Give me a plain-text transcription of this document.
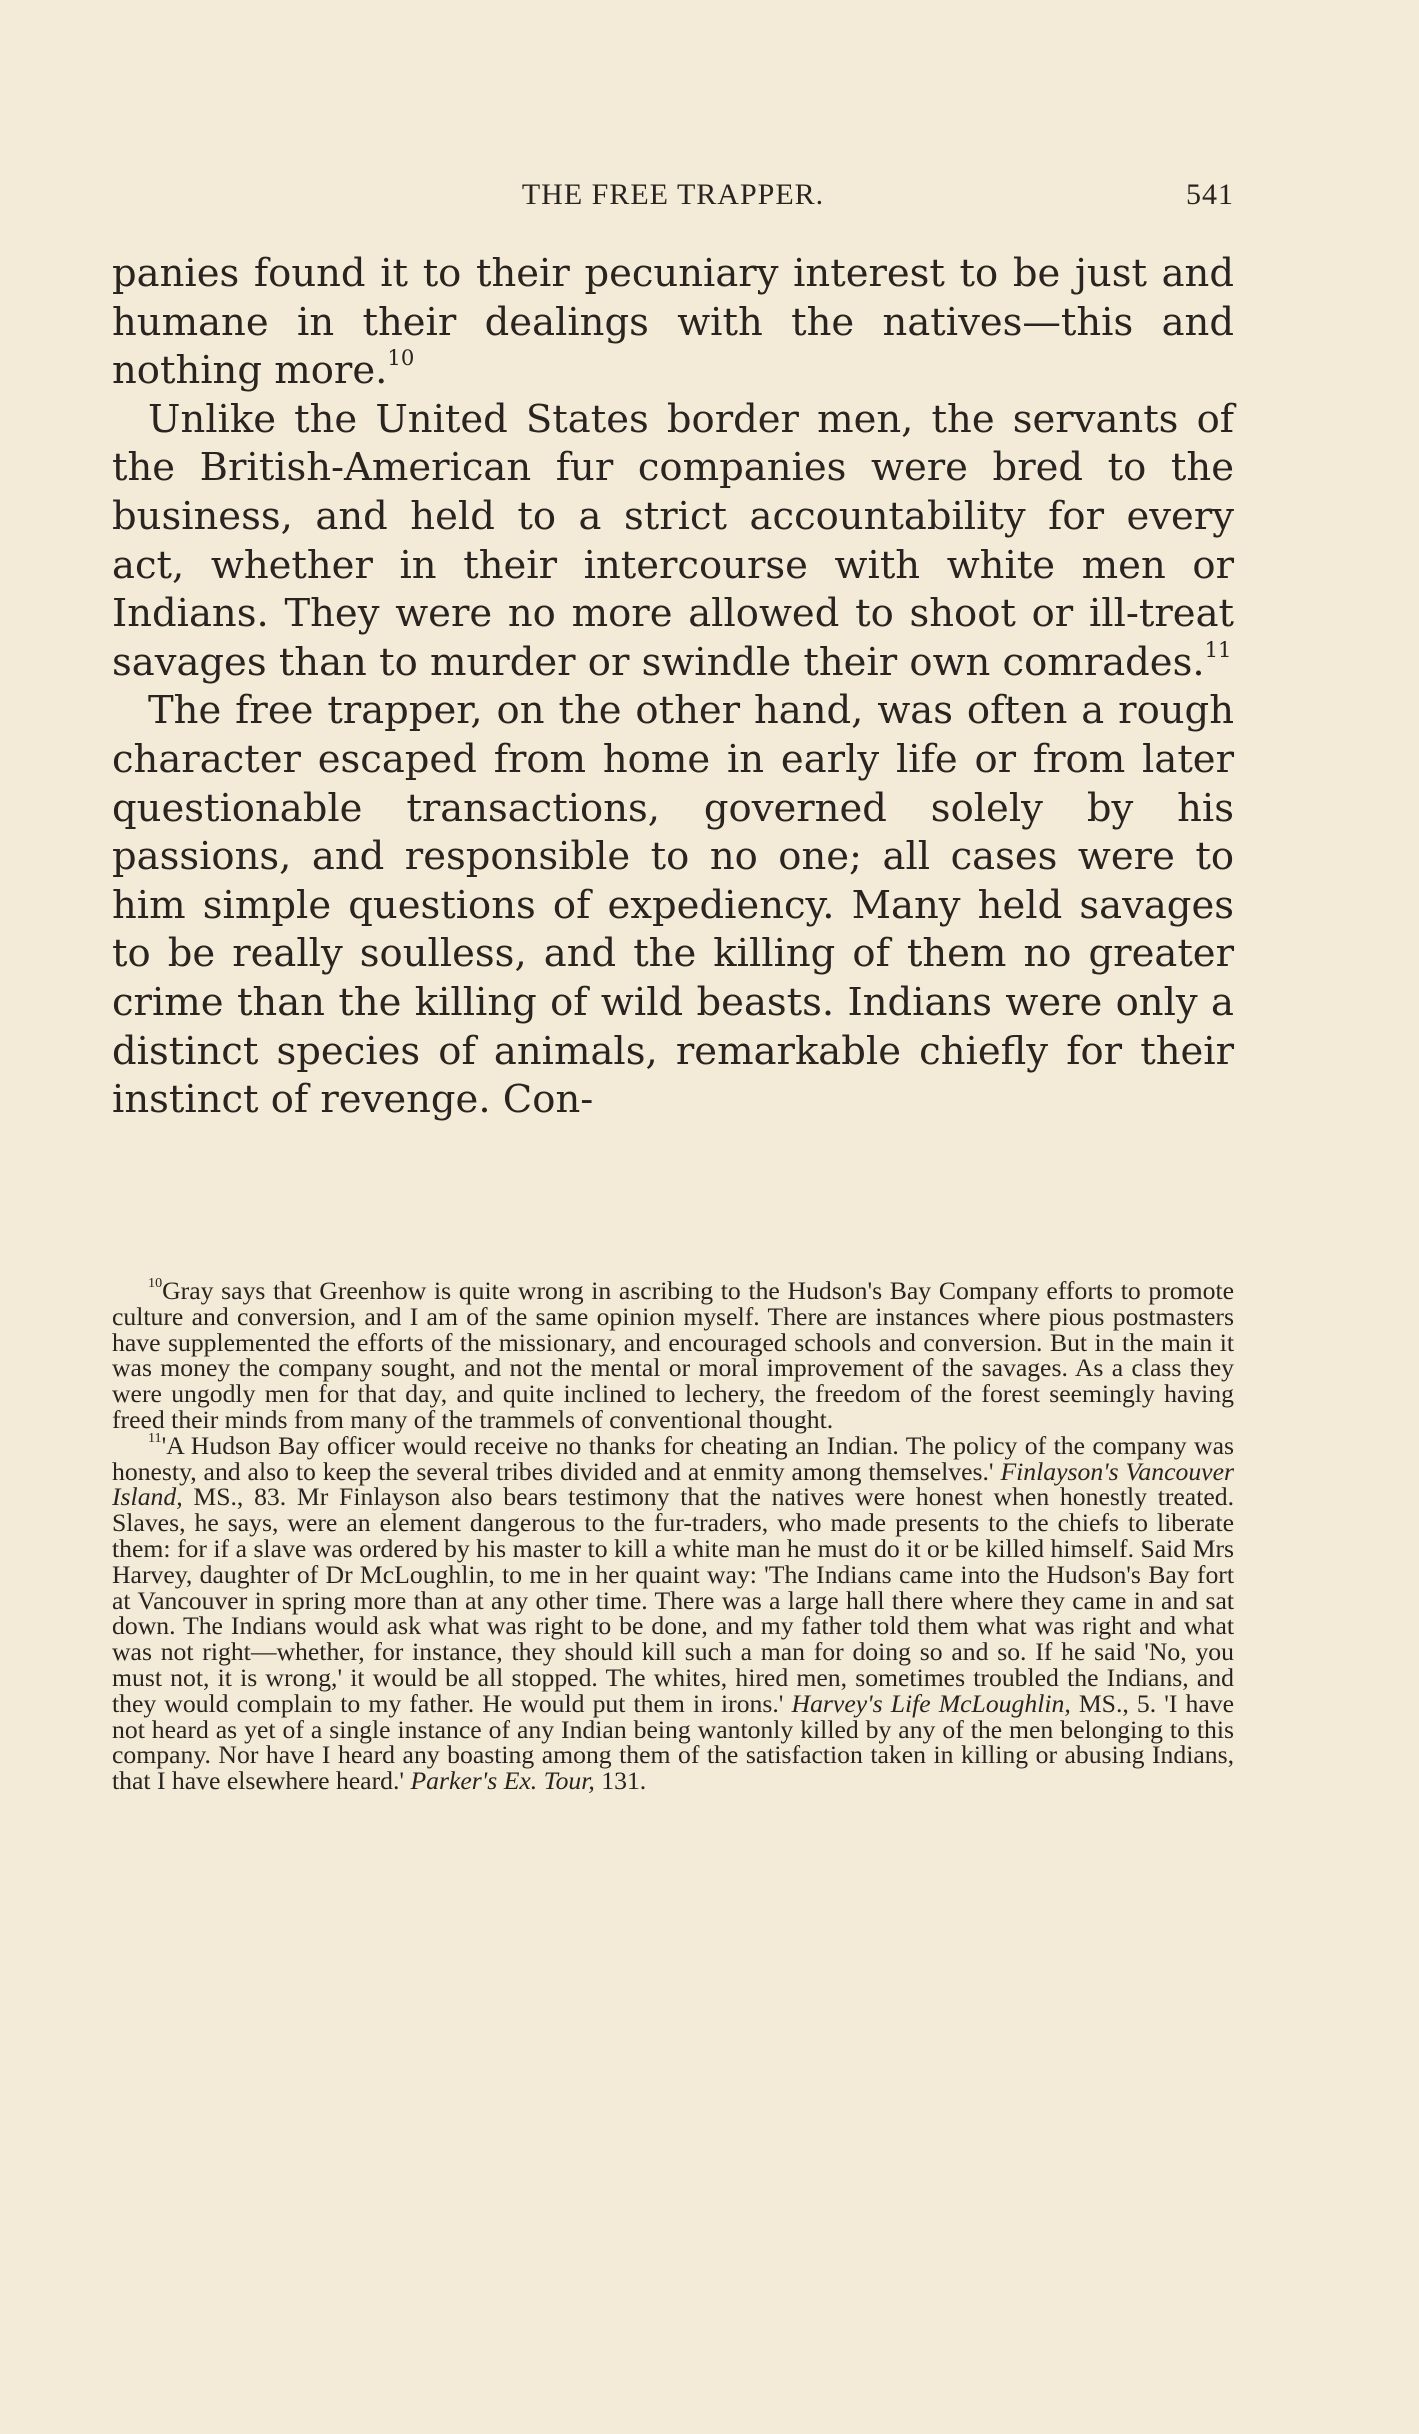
THE FREE TRAPPER.	541

panies found it to their pecuniary interest to be just and humane in their dealings with the natives—this and nothing more.$^{10}$

Unlike the United States border men, the servants of the British-American fur companies were bred to the business, and held to a strict accountability for every act, whether in their intercourse with white men or Indians. They were no more allowed to shoot or ill-treat savages than to murder or swindle their own comrades.$^{11}$

The free trapper, on the other hand, was often a rough character escaped from home in early life or from later questionable transactions, governed solely by his passions, and responsible to no one; all cases were to him simple questions of expediency. Many held savages to be really soulless, and the killing of them no greater crime than the killing of wild beasts. Indians were only a distinct species of animals, remarkable chiefly for their instinct of revenge. Con-

$^{10}$Gray says that Greenhow is quite wrong in ascribing to the Hudson's Bay Company efforts to promote culture and conversion, and I am of the same opinion myself. There are instances where pious postmasters have supplemented the efforts of the missionary, and encouraged schools and conversion. But in the main it was money the company sought, and not the mental or moral improvement of the savages. As a class they were ungodly men for that day, and quite inclined to lechery, the freedom of the forest seemingly having freed their minds from many of the trammels of conventional thought.

$^{11}$'A Hudson Bay officer would receive no thanks for cheating an Indian. The policy of the company was honesty, and also to keep the several tribes divided and at enmity among themselves.' Finlayson's Vancouver Island, MS., 83. Mr Finlayson also bears testimony that the natives were honest when honestly treated. Slaves, he says, were an element dangerous to the fur-traders, who made presents to the chiefs to liberate them: for if a slave was ordered by his master to kill a white man he must do it or be killed himself. Said Mrs Harvey, daughter of Dr McLoughlin, to me in her quaint way: 'The Indians came into the Hudson's Bay fort at Vancouver in spring more than at any other time. There was a large hall there where they came in and sat down. The Indians would ask what was right to be done, and my father told them what was right and what was not right—whether, for instance, they should kill such a man for doing so and so. If he said 'No, you must not, it is wrong,' it would be all stopped. The whites, hired men, sometimes troubled the Indians, and they would complain to my father. He would put them in irons.' Harvey's Life McLoughlin, MS., 5. 'I have not heard as yet of a single instance of any Indian being wantonly killed by any of the men belonging to this company. Nor have I heard any boasting among them of the satisfaction taken in killing or abusing Indians, that I have elsewhere heard.' Parker's Ex. Tour, 131.
